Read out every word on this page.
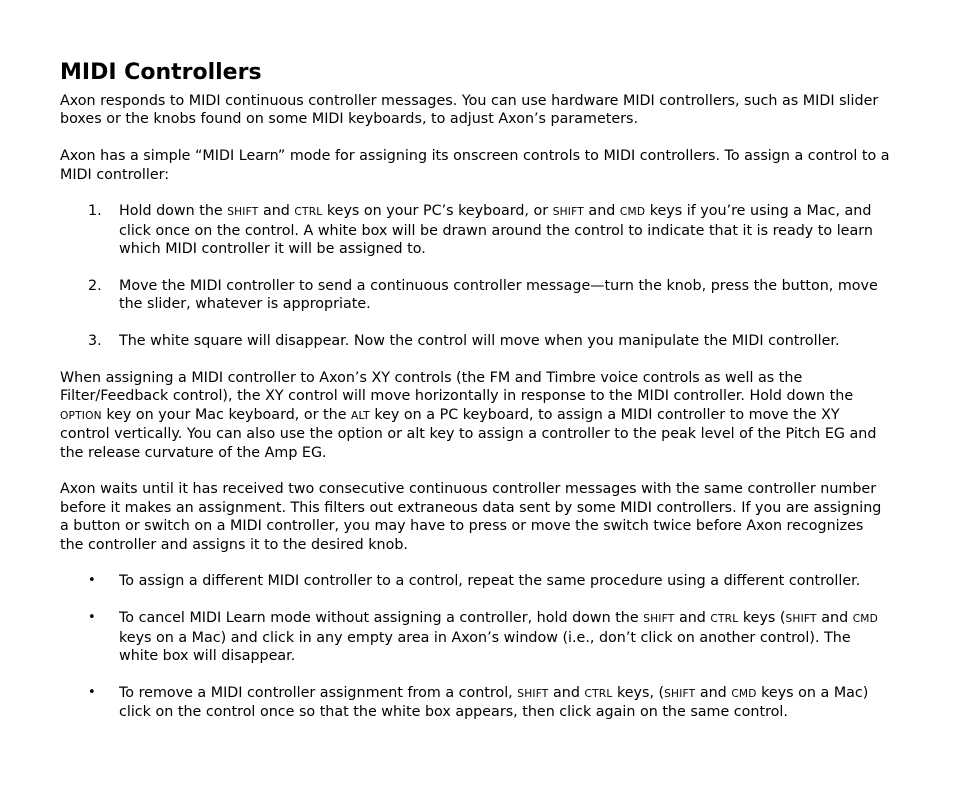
MIDI Controllers

Axon responds to MIDI continuous controller messages. You can use hardware MIDI controllers, such as MIDI slider boxes or the knobs found on some MIDI keyboards, to adjust Axon’s parameters.

Axon has a simple “MIDI Learn” mode for assigning its onscreen controls to MIDI controllers. To assign a control to a MIDI controller:

1.	Hold down the SHIFT and CTRL keys on your PC’s keyboard, or SHIFT and CMD keys if you’re using a Mac, and click once on the control. A white box will be drawn around the control to indicate that it is ready to learn which MIDI controller it will be assigned to.
2.	Move the MIDI controller to send a continuous controller message—turn the knob, press the button, move the slider, whatever is appropriate.
3.	The white square will disappear. Now the control will move when you manipulate the MIDI controller.

When assigning a MIDI controller to Axon’s XY controls (the FM and Timbre voice controls as well as the Filter/Feedback control), the XY control will move horizontally in response to the MIDI controller. Hold down the OPTION key on your Mac keyboard, or the ALT key on a PC keyboard, to assign a MIDI controller to move the XY control vertically. You can also use the option or alt key to assign a controller to the peak level of the Pitch EG and the release curvature of the Amp EG.

Axon waits until it has received two consecutive continuous controller messages with the same controller number before it makes an assignment. This filters out extraneous data sent by some MIDI controllers. If you are assigning a button or switch on a MIDI controller, you may have to press or move the switch twice before Axon recognizes the controller and assigns it to the desired knob.

• To assign a different MIDI controller to a control, repeat the same procedure using a different controller.
• To cancel MIDI Learn mode without assigning a controller, hold down the SHIFT and CTRL keys (SHIFT and CMD keys on a Mac) and click in any empty area in Axon’s window (i.e., don’t click on another control). The white box will disappear.
• To remove a MIDI controller assignment from a control, SHIFT and CTRL keys, (SHIFT and CMD keys on a Mac) click on the control once so that the white box appears, then click again on the same control.
